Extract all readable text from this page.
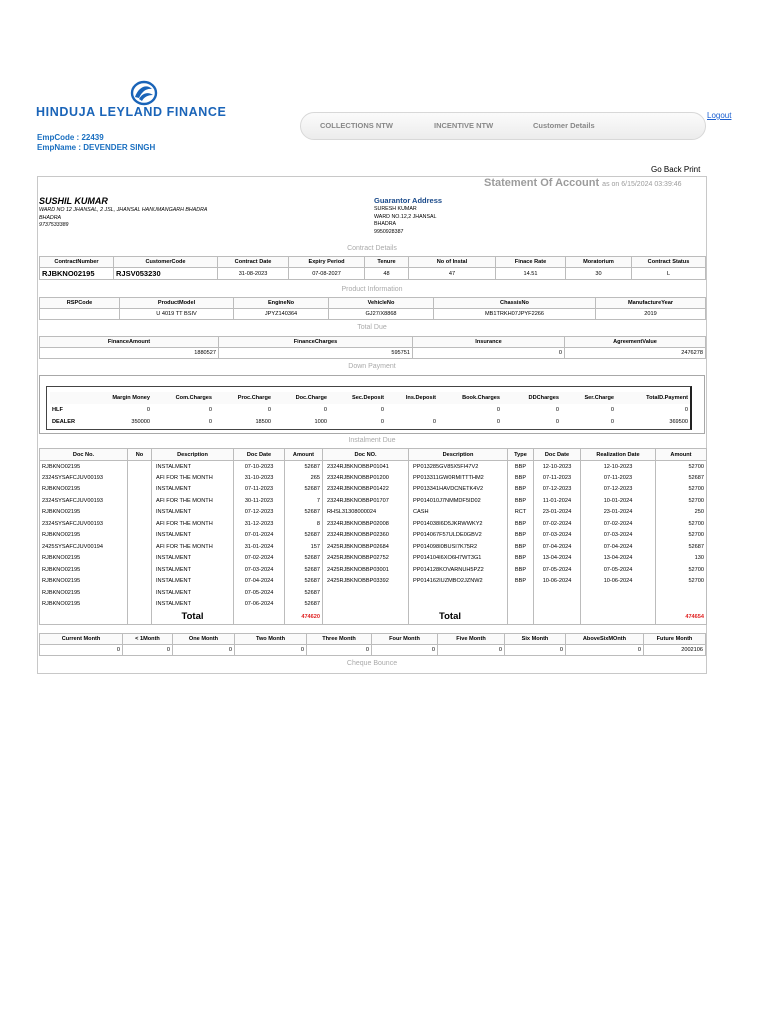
HINDUJA LEYLAND FINANCE
EmpCode : 22439
EmpName : DEVENDER SINGH
COLLECTIONS NTW	INCENTIVE NTW	Customer Details
Logout
Go Back Print
Statement Of Account as on 6/15/2024 03:39:46
SUSHIL KUMAR
WARD NO 12 JHANSAL, 2 JSL, JHANSAL HANUMANGARH BHADRA
BHADRA
9737533389
Guarantor Address
SURESH KUMAR
WARD NO.12,2 JHANSAL
BHADRA
9950928387
Contract Details
ContractNumber	CustomerCode	Contract Date	Expiry Period	Tenure	No of Instal	Finace Rate	Moratorium	Contract Status
RJBKNO02195	RJSV053230	31-08-2023	07-08-2027	48	47	14.51	30	L
Product Information
RSPCode	ProductModel	EngineNo	VehicleNo	ChassisNo	ManufactureYear
	U 4019 TT BSIV	JPYZ140364	GJ27/X8868	MB1TRKH07JPYF2266	2019
Total Due
FinanceAmount	FinanceCharges	Insurance	AgreementValue
1880527	595751	0	2476278
Down Payment
	Margin Money	Com.Charges	Proc.Charge	Doc.Charge	Sec.Deposit	Ins.Deposit	Book.Charges	DDCharges	Ser.Charge	TotalD.Payment
HLF	0	0	0	0	0		0	0	0	0
DEALER	350000	0	18500	1000	0	0	0	0	0	369500
Instalment Due
Doc No.	No	Description	Doc Date	Amount	Doc NO.	Description	Type	Doc Date	Realization Date	Amount
RJBKNO02195		INSTALMENT	07-10-2023	52687	2324RJBKNOBBP01041	PP013285GV85X5FI47V2	BBP	12-10-2023	12-10-2023	52700
2324SYSAFCJUV00193		AFI FOR THE MONTH	31-10-2023	265	2324RJBKNOBBP01200	PP013311GW0RMITTTHM2	BBP	07-11-2023	07-11-2023	52687
RJBKNO02195		INSTALMENT	07-11-2023	52687	2324RJBKNOBBP01422	PP013341HAVDCNETK4V2	BBP	07-12-2023	07-12-2023	52700
2324SYSAFCJUV00193		AFI FOR THE MONTH	30-11-2023	7	2324RJBKNOBBP01707	PP014010J7NMMDF5ID02	BBP	11-01-2024	10-01-2024	52700
RJBKNO02195		INSTALMENT	07-12-2023	52687	RHSL31308000024	CASH	RCT	23-01-2024	23-01-2024	250
2324SYSAFCJUV00193		AFI FOR THE MONTH	31-12-2023	8	2324RJBKNOBBP02008	PP014038I6D5JKRWWKY2	BBP	07-02-2024	07-02-2024	52700
RJBKNO02195		INSTALMENT	07-01-2024	52687	2324RJBKNOBBP02360	PP014067F57ULDE0GBV2	BBP	07-03-2024	07-03-2024	52700
2425SYSAFCJUV00194		AFI FOR THE MONTH	31-01-2024	157	2425RJBKNOBBP02684	PP014098I0BUSI7K75R2	BBP	07-04-2024	07-04-2024	52687
RJBKNO02195		INSTALMENT	07-02-2024	52687	2425RJBKNOBBP02752	PP014104I6XO6H7WT3G1	BBP	13-04-2024	13-04-2024	130
RJBKNO02195		INSTALMENT	07-03-2024	52687	2425RJBKNOBBP03001	PP014128KOVARNUH5PZ2	BBP	07-05-2024	07-05-2024	52700
RJBKNO02195		INSTALMENT	07-04-2024	52687	2425RJBKNOBBP03392	PP014162IUZMBO2JZNW2	BBP	10-06-2024	10-06-2024	52700
RJBKNO02195		INSTALMENT	07-05-2024	52687						
RJBKNO02195		INSTALMENT	07-06-2024	52687						
		Total		474620		Total				474654
Current Month	< 1Month	One Month	Two Month	Three Month	Four Month	Five Month	Six Month	AboveSixMOnth	Future Month
0	0	0	0	0	0	0	0	0	2002106
Cheque Bounce
